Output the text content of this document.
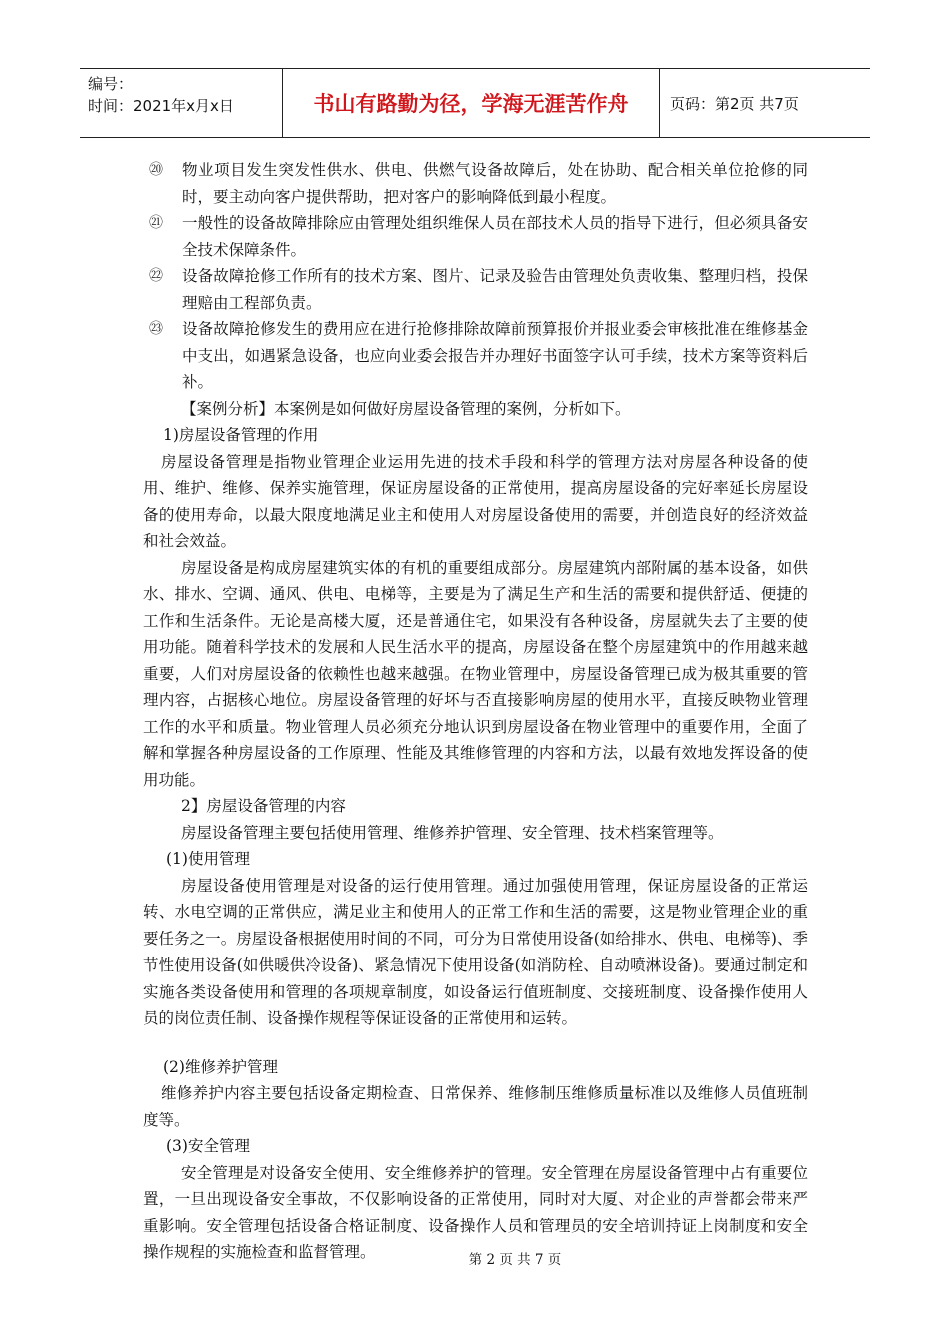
编号：
时间：2021年x月x日	书山有路勤为径，学海无涯苦作舟	页码：第2页 共7页
⑳ 物业项目发生突发性供水、供电、供燃气设备故障后，处在协助、配合相关单位抢修的同时，要主动向客户提供帮助，把对客户的影响降低到最小程度。

㉑ 一般性的设备故障排除应由管理处组织维保人员在部技术人员的指导下进行，但必须具备安全技术保障条件。

㉒ 设备故障抢修工作所有的技术方案、图片、记录及验告由管理处负责收集、整理归档，投保理赔由工程部负责。

㉓ 设备故障抢修发生的费用应在进行抢修排除故障前预算报价并报业委会审核批准在维修基金中支出，如遇紧急设备，也应向业委会报告并办理好书面签字认可手续，技术方案等资料后补。

【案例分析】本案例是如何做好房屋设备管理的案例，分析如下。

1)房屋设备管理的作用

房屋设备管理是指物业管理企业运用先进的技术手段和科学的管理方法对房屋各种设备的使用、维护、维修、保养实施管理，保证房屋设备的正常使用，提高房屋设备的完好率延长房屋设备的使用寿命，以最大限度地满足业主和使用人对房屋设备使用的需要，并创造良好的经济效益和社会效益。

房屋设备是构成房屋建筑实体的有机的重要组成部分。房屋建筑内部附属的基本设备，如供水、排水、空调、通风、供电、电梯等，主要是为了满足生产和生活的需要和提供舒适、便捷的工作和生活条件。无论是高楼大厦，还是普通住宅，如果没有各种设备，房屋就失去了主要的使用功能。随着科学技术的发展和人民生活水平的提高，房屋设备在整个房屋建筑中的作用越来越重要，人们对房屋设备的依赖性也越来越强。在物业管理中，房屋设备管理已成为极其重要的管理内容，占据核心地位。房屋设备管理的好坏与否直接影响房屋的使用水平，直接反映物业管理工作的水平和质量。物业管理人员必须充分地认识到房屋设备在物业管理中的重要作用，全面了解和掌握各种房屋设备的工作原理、性能及其维修管理的内容和方法，以最有效地发挥设备的使用功能。

2】房屋设备管理的内容

房屋设备管理主要包括使用管理、维修养护管理、安全管理、技术档案管理等。

(1)使用管理

房屋设备使用管理是对设备的运行使用管理。通过加强使用管理，保证房屋设备的正常运转、水电空调的正常供应，满足业主和使用人的正常工作和生活的需要，这是物业管理企业的重要任务之一。房屋设备根据使用时间的不同，可分为日常使用设备(如给排水、供电、电梯等)、季节性使用设备(如供暖供冷设备)、紧急情况下使用设备(如消防栓、自动喷淋设备)。要通过制定和实施各类设备使用和管理的各项规章制度，如设备运行值班制度、交接班制度、设备操作使用人员的岗位责任制、设备操作规程等保证设备的正常使用和运转。

(2)维修养护管理

维修养护内容主要包括设备定期检查、日常保养、维修制压维修质量标准以及维修人员值班制度等。

(3)安全管理

安全管理是对设备安全使用、安全维修养护的管理。安全管理在房屋设备管理中占有重要位置，一旦出现设备安全事故，不仅影响设备的正常使用，同时对大厦、对企业的声誉都会带来严重影响。安全管理包括设备合格证制度、设备操作人员和管理员的安全培训持证上岗制度和安全操作规程的实施检查和监督管理。	第 2 页 共 7 页
